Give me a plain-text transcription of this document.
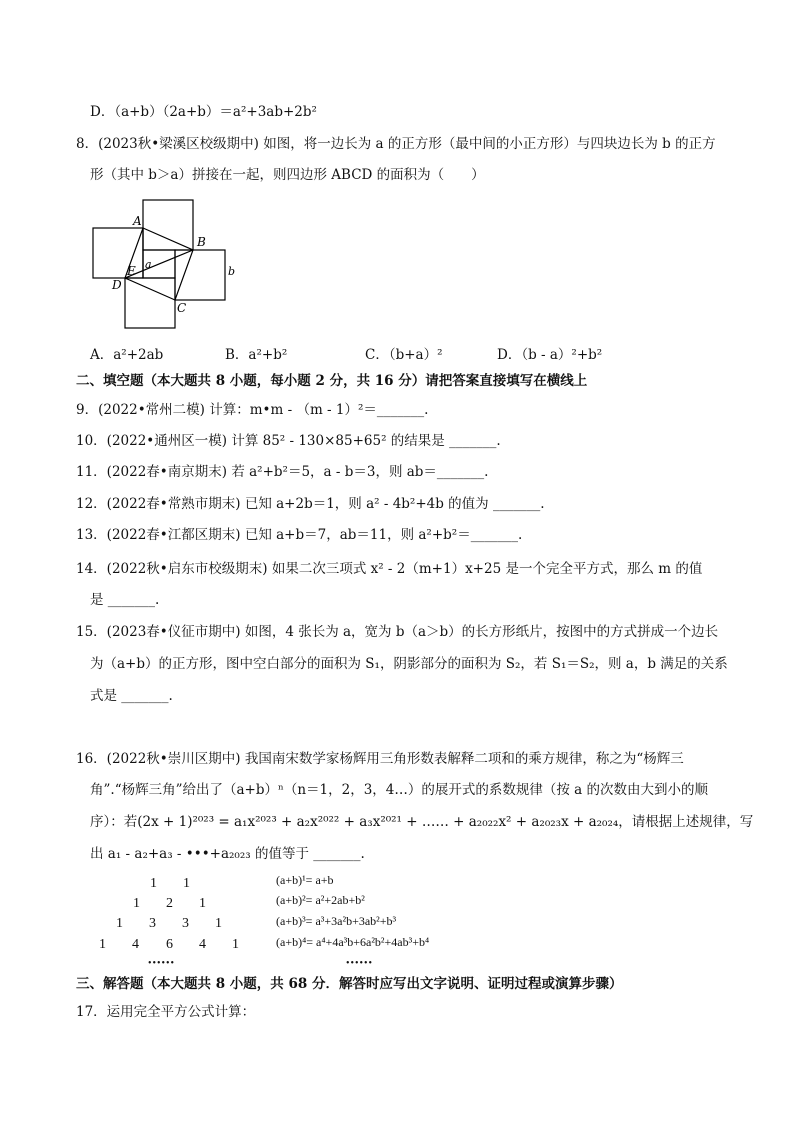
D．（a+b）（2a+b）＝a²+3ab+2b²
8．(2023秋•梁溪区校级期中) 如图，将一边长为 a 的正方形（最中间的小正方形）与四块边长为 b 的正方
形（其中 b＞a）拼接在一起，则四边形 ABCD 的面积为（　　）
A
B
C
D
E a
b
A．a²+2ab	B．a²+b²	C．（b+a）²	D．（b - a）²+b²
二、填空题（本大题共 8 小题，每小题 2 分，共 16 分）请把答案直接填写在横线上
9．(2022•常州二模) 计算：m•m - （m - 1）²＝_______.
10．(2022•通州区一模) 计算 85² - 130×85+65² 的结果是 _______.
11．(2022春•南京期末) 若 a²+b²＝5，a - b＝3，则 ab＝_______.
12．(2022春•常熟市期末) 已知 a+2b＝1，则 a² - 4b²+4b 的值为 _______.
13．(2022春•江都区期末) 已知 a+b＝7，ab＝11，则 a²+b²＝_______.
14．(2022秋•启东市校级期末) 如果二次三项式 x² - 2（m+1）x+25 是一个完全平方式，那么 m 的值
是 _______.
15．(2023春•仪征市期中) 如图，4 张长为 a，宽为 b（a＞b）的长方形纸片，按图中的方式拼成一个边长
为（a+b）的正方形，图中空白部分的面积为 S₁，阴影部分的面积为 S₂，若 S₁＝S₂，则 a，b 满足的关系
式是 _______.
16．(2022秋•崇川区期中) 我国南宋数学家杨辉用三角形数表解释二项和的乘方规律，称之为“杨辉三
角”.“杨辉三角”给出了（a+b）ⁿ（n＝1，2，3，4…）的展开式的系数规律（按 a 的次数由大到小的顺
序）：若(2x + 1)²⁰²³ = a₁x²⁰²³ + a₂x²⁰²² + a₃x²⁰²¹ + …… + a₂₀₂₂x² + a₂₀₂₃x + a₂₀₂₄，请根据上述规律，写
出 a₁ - a₂+a₃ - •••+a₂₀₂₃ 的值等于 _______.
1 1
1 2 1
1 3 3 1
1 4 6 4 1
••••••
(a+b)¹= a+b
(a+b)²= a²+2ab+b²
(a+b)³= a³+3a²b+3ab²+b³
(a+b)⁴= a⁴+4a³b+6a²b²+4ab³+b⁴
••••••
三、解答题（本大题共 8 小题，共 68 分．解答时应写出文字说明、证明过程或演算步骤）
17．运用完全平方公式计算：
